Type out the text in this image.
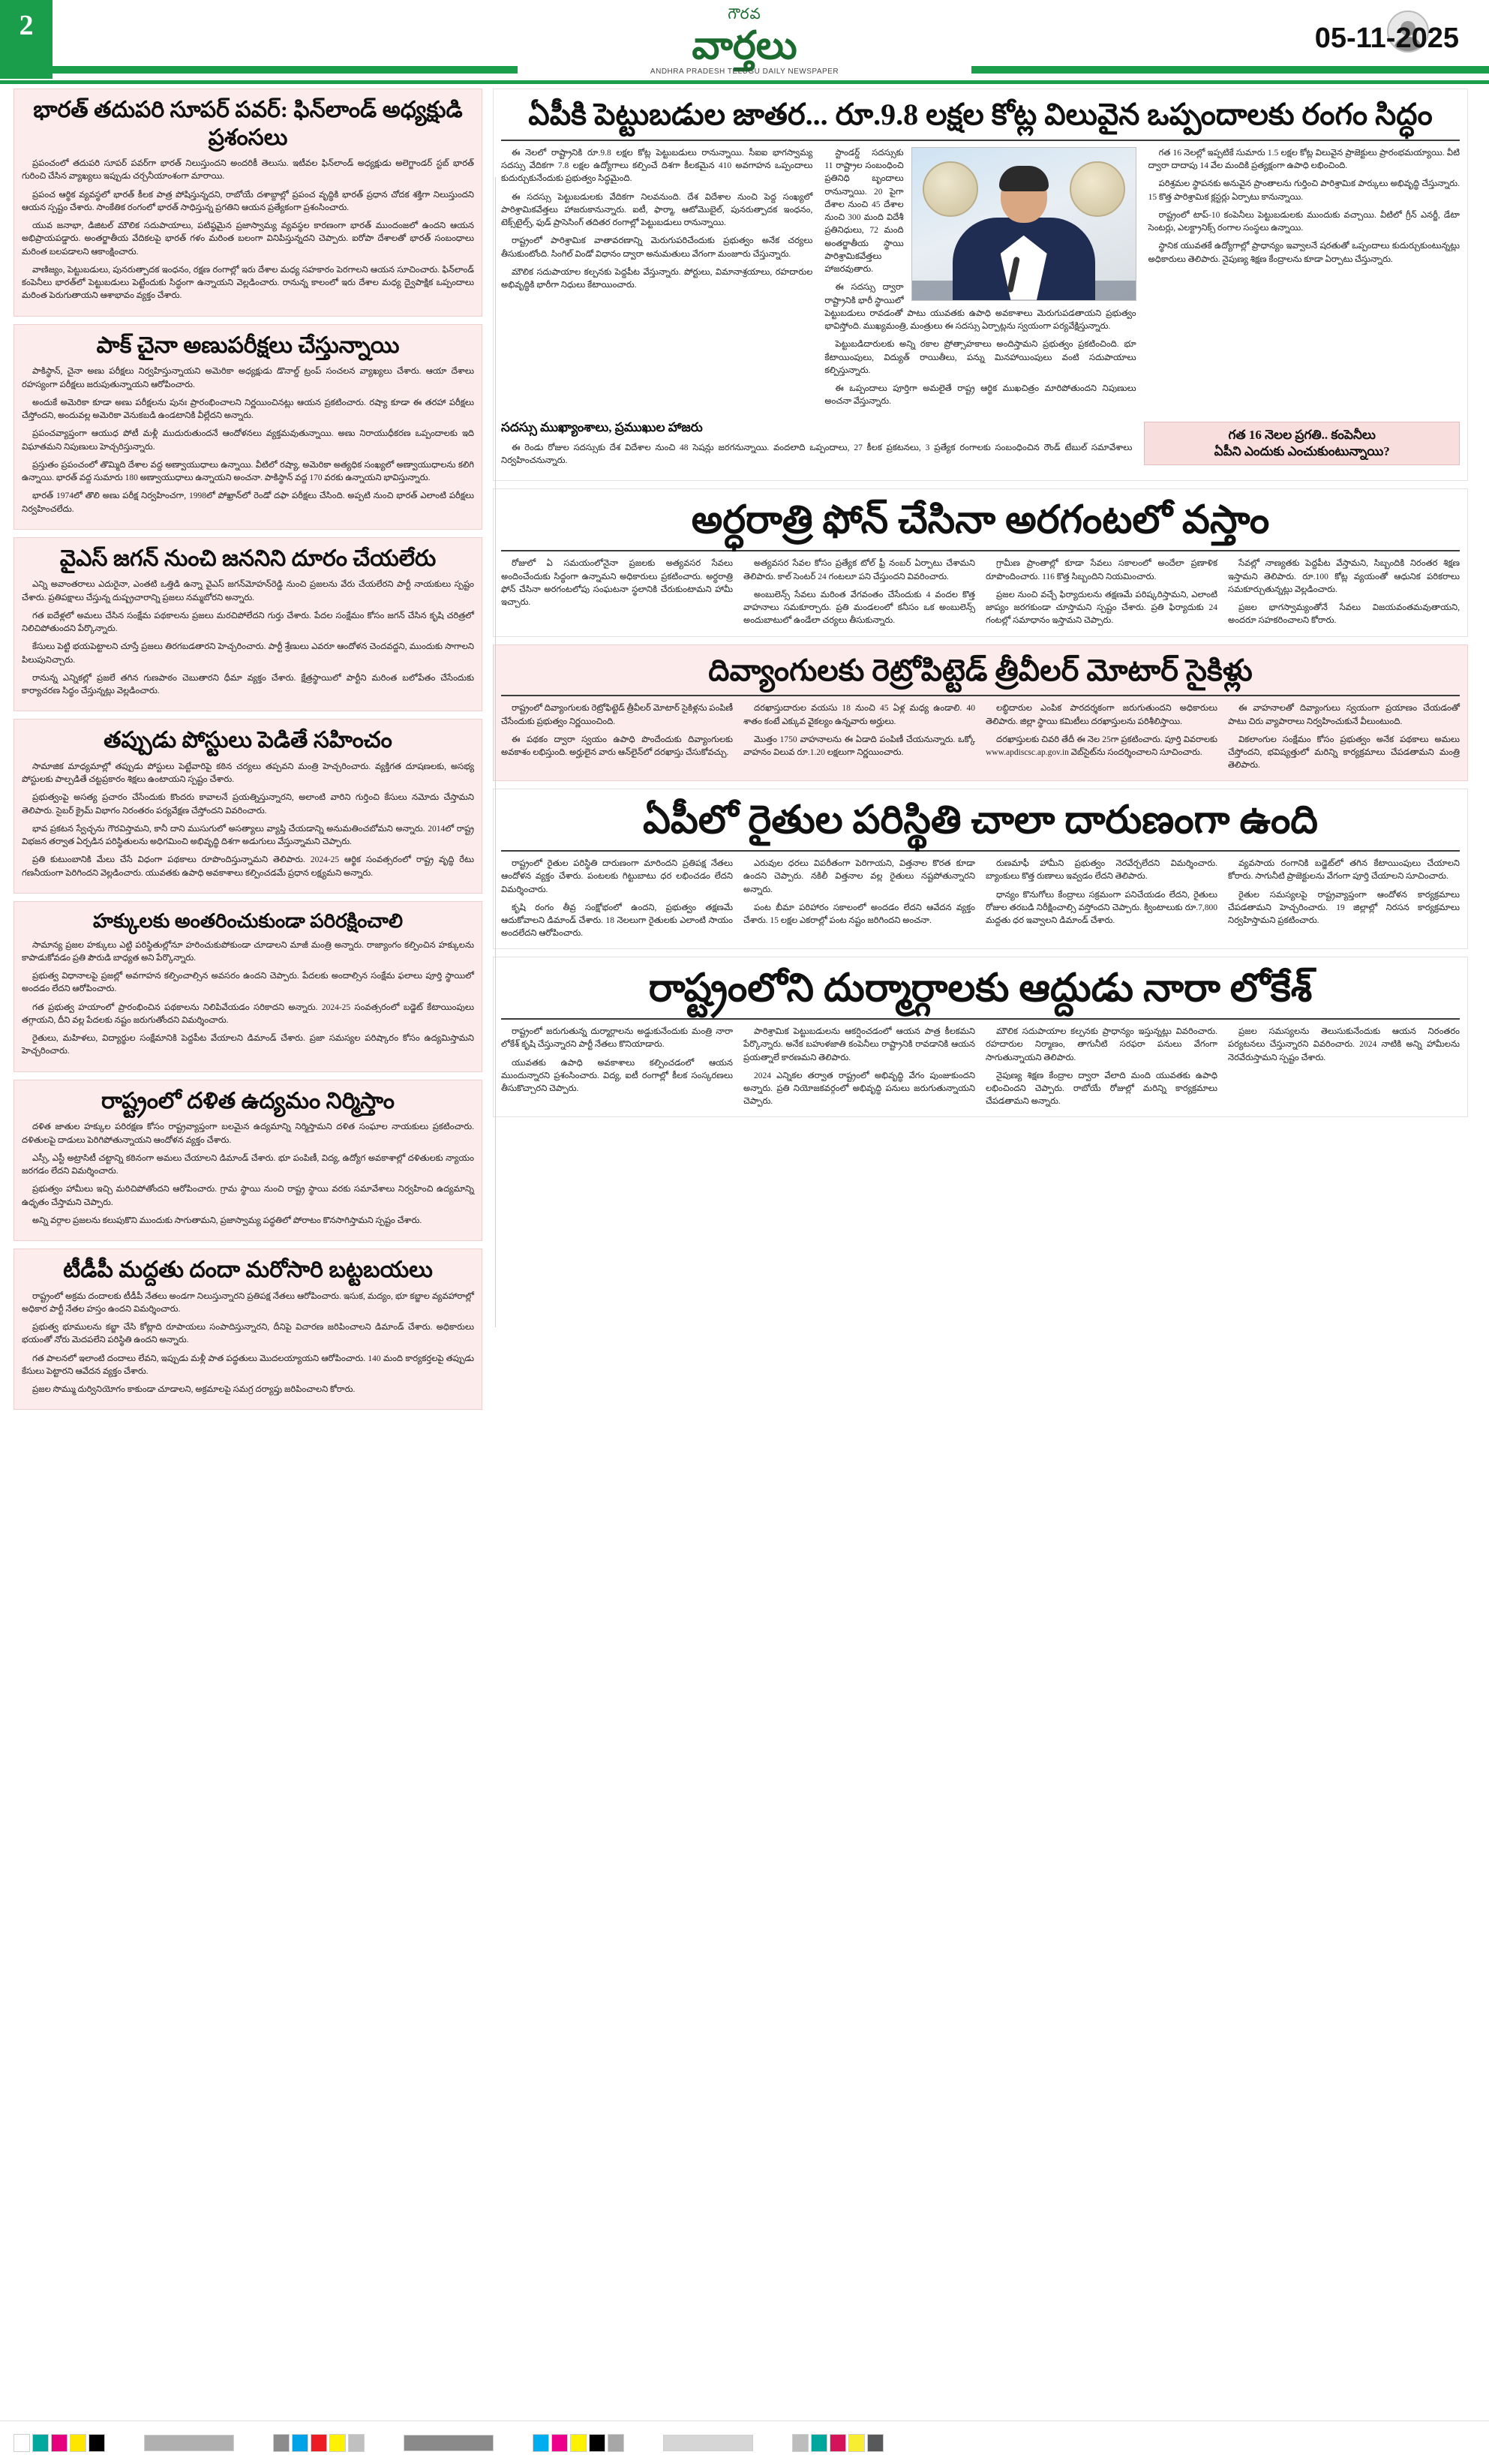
2	గౌరవ
వార్తలు
ANDHRA PRADESH TELUGU DAILY NEWSPAPER
05-11-2025
భారత్‌ తదుపరి సూపర్‌ పవర్‌: ఫిన్‌లాండ్‌ అధ్యక్షుడి ప్రశంసలు

ప్రపంచంలో తదుపరి సూపర్‌ పవర్‌గా భారత్‌ నిలుస్తుందని అందరికీ తెలుసు. ఇటీవల ఫిన్‌లాండ్‌ అధ్యక్షుడు అలెగ్జాండర్‌ స్టబ్‌ భారత్‌ గురించి చేసిన వ్యాఖ్యలు ఇప్పుడు చర్చనీయాంశంగా మారాయి.

ప్రపంచ ఆర్థిక వ్యవస్థలో భారత్‌ కీలక పాత్ర పోషిస్తున్నదని, రాబోయే దశాబ్దాల్లో ప్రపంచ వృద్ధికి భారత్‌ ప్రధాన చోదక శక్తిగా నిలుస్తుందని ఆయన స్పష్టం చేశారు. సాంకేతిక రంగంలో భారత్‌ సాధిస్తున్న ప్రగతిని ఆయన ప్రత్యేకంగా ప్రశంసించారు.

యువ జనాభా, డిజిటల్‌ మౌలిక సదుపాయాలు, పటిష్ఠమైన ప్రజాస్వామ్య వ్యవస్థల కారణంగా భారత్‌ ముందంజలో ఉందని ఆయన అభిప్రాయపడ్డారు. అంతర్జాతీయ వేదికలపై భారత్‌ గళం మరింత బలంగా వినిపిస్తున్నదని చెప్పారు. ఐరోపా దేశాలతో భారత్‌ సంబంధాలు మరింత బలపడాలని ఆకాంక్షించారు.

వాణిజ్యం, పెట్టుబడులు, పునరుత్పాదక ఇంధనం, రక్షణ రంగాల్లో ఇరు దేశాల మధ్య సహకారం పెరగాలని ఆయన సూచించారు. ఫిన్‌లాండ్‌ కంపెనీలు భారత్‌లో పెట్టుబడులు పెట్టేందుకు సిద్ధంగా ఉన్నాయని వెల్లడించారు. రానున్న కాలంలో ఇరు దేశాల మధ్య ద్వైపాక్షిక ఒప్పందాలు మరింత పెరుగుతాయని ఆశాభావం వ్యక్తం చేశారు.

పాక్‌ చైనా అణుపరీక్షలు చేస్తున్నాయి

పాకిస్థాన్‌, చైనా అణు పరీక్షలు నిర్వహిస్తున్నాయని అమెరికా అధ్యక్షుడు డొనాల్డ్‌ ట్రంప్‌ సంచలన వ్యాఖ్యలు చేశారు. ఆయా దేశాలు రహస్యంగా పరీక్షలు జరుపుతున్నాయని ఆరోపించారు.

అందుకే అమెరికా కూడా అణు పరీక్షలను పునః ప్రారంభించాలని నిర్ణయించినట్లు ఆయన ప్రకటించారు. రష్యా కూడా ఈ తరహా పరీక్షలు చేస్తోందని, అందువల్ల అమెరికా వెనుకబడి ఉండటానికి వీల్లేదని అన్నారు.

ప్రపంచవ్యాప్తంగా ఆయుధ పోటీ మళ్లీ ముదురుతుందనే ఆందోళనలు వ్యక్తమవుతున్నాయి. అణు నిరాయుధీకరణ ఒప్పందాలకు ఇది విఘాతమని నిపుణులు హెచ్చరిస్తున్నారు.

ప్రస్తుతం ప్రపంచంలో తొమ్మిది దేశాల వద్ద అణ్వాయుధాలు ఉన్నాయి. వీటిలో రష్యా, అమెరికా అత్యధిక సంఖ్యలో అణ్వాయుధాలను కలిగి ఉన్నాయి. భారత్‌ వద్ద సుమారు 180 అణ్వాయుధాలు ఉన్నాయని అంచనా. పాకిస్థాన్‌ వద్ద 170 వరకు ఉన్నాయని భావిస్తున్నారు.

భారత్‌ 1974లో తొలి అణు పరీక్ష నిర్వహించగా, 1998లో పోఖ్రాన్‌లో రెండో దఫా పరీక్షలు చేసింది. అప్పటి నుంచి భారత్‌ ఎలాంటి పరీక్షలు నిర్వహించలేదు.

వైఎస్‌ జగన్‌ నుంచి జననిని దూరం చేయలేరు

ఎన్ని అవాంతరాలు ఎదురైనా, ఎంతటి ఒత్తిడి ఉన్నా వైఎస్‌ జగన్‌మోహన్‌రెడ్డి నుంచి ప్రజలను వేరు చేయలేరని పార్టీ నాయకులు స్పష్టం చేశారు. ప్రతిపక్షాలు చేస్తున్న దుష్ప్రచారాన్ని ప్రజలు నమ్మబోరని అన్నారు.

గత ఐదేళ్లలో అమలు చేసిన సంక్షేమ పథకాలను ప్రజలు మరచిపోలేదని గుర్తు చేశారు. పేదల సంక్షేమం కోసం జగన్‌ చేసిన కృషి చరిత్రలో నిలిచిపోతుందని పేర్కొన్నారు.

కేసులు పెట్టి భయపెట్టాలని చూస్తే ప్రజలు తిరగబడతారని హెచ్చరించారు. పార్టీ శ్రేణులు ఎవరూ ఆందోళన చెందవద్దని, ముందుకు సాగాలని పిలుపునిచ్చారు.

రానున్న ఎన్నికల్లో ప్రజలే తగిన గుణపాఠం చెబుతారని ధీమా వ్యక్తం చేశారు. క్షేత్రస్థాయిలో పార్టీని మరింత బలోపేతం చేసేందుకు కార్యాచరణ సిద్ధం చేస్తున్నట్లు వెల్లడించారు.

తప్పుడు పోస్టులు పెడితే సహించం

సామాజిక మాధ్యమాల్లో తప్పుడు పోస్టులు పెట్టేవారిపై కఠిన చర్యలు తప్పవని మంత్రి హెచ్చరించారు. వ్యక్తిగత దూషణలకు, అసభ్య పోస్టులకు పాల్పడితే చట్టప్రకారం శిక్షలు ఉంటాయని స్పష్టం చేశారు.

ప్రభుత్వంపై అసత్య ప్రచారం చేసేందుకు కొందరు కావాలనే ప్రయత్నిస్తున్నారని, అలాంటి వారిని గుర్తించి కేసులు నమోదు చేస్తామని తెలిపారు. సైబర్‌ క్రైమ్‌ విభాగం నిరంతరం పర్యవేక్షణ చేస్తోందని వివరించారు.

భావ ప్రకటన స్వేచ్ఛను గౌరవిస్తామని, కానీ దాని ముసుగులో అసత్యాలు వ్యాప్తి చేయడాన్ని అనుమతించబోమని అన్నారు. 2014లో రాష్ట్ర విభజన తర్వాత ఏర్పడిన పరిస్థితులను అధిగమించి అభివృద్ధి దిశగా అడుగులు వేస్తున్నామని చెప్పారు.

ప్రతి కుటుంబానికి మేలు చేసే విధంగా పథకాలు రూపొందిస్తున్నామని తెలిపారు. 2024-25 ఆర్థిక సంవత్సరంలో రాష్ట్ర వృద్ధి రేటు గణనీయంగా పెరిగిందని వెల్లడించారు. యువతకు ఉపాధి అవకాశాలు కల్పించడమే ప్రధాన లక్ష్యమని అన్నారు.

హక్కులకు అంతరించుకుండా పరిరక్షించాలి

సామాన్య ప్రజల హక్కులు ఎట్టి పరిస్థితుల్లోనూ హరించుకుపోకుండా చూడాలని మాజీ మంత్రి అన్నారు. రాజ్యాంగం కల్పించిన హక్కులను కాపాడుకోవడం ప్రతి పౌరుడి బాధ్యత అని పేర్కొన్నారు.

ప్రభుత్వ విధానాలపై ప్రజల్లో అవగాహన కల్పించాల్సిన అవసరం ఉందని చెప్పారు. పేదలకు అందాల్సిన సంక్షేమ ఫలాలు పూర్తి స్థాయిలో అందడం లేదని ఆరోపించారు.

గత ప్రభుత్వ హయాంలో ప్రారంభించిన పథకాలను నిలిపివేయడం సరికాదని అన్నారు. 2024-25 సంవత్సరంలో బడ్జెట్‌ కేటాయింపులు తగ్గాయని, దీని వల్ల పేదలకు నష్టం జరుగుతోందని విమర్శించారు.

రైతులు, మహిళలు, విద్యార్థుల సంక్షేమానికి పెద్దపీట వేయాలని డిమాండ్‌ చేశారు. ప్రజా సమస్యల పరిష్కారం కోసం ఉద్యమిస్తామని హెచ్చరించారు.

రాష్ట్రంలో దళిత ఉద్యమం నిర్మిస్తాం

దళిత జాతుల హక్కుల పరిరక్షణ కోసం రాష్ట్రవ్యాప్తంగా బలమైన ఉద్యమాన్ని నిర్మిస్తామని దళిత సంఘాల నాయకులు ప్రకటించారు. దళితులపై దాడులు పెరిగిపోతున్నాయని ఆందోళన వ్యక్తం చేశారు.

ఎస్సీ, ఎస్టీ అట్రాసిటీ చట్టాన్ని కఠినంగా అమలు చేయాలని డిమాండ్‌ చేశారు. భూ పంపిణీ, విద్య, ఉద్యోగ అవకాశాల్లో దళితులకు న్యాయం జరగడం లేదని విమర్శించారు.

ప్రభుత్వం హామీలు ఇచ్చి మరిచిపోతోందని ఆరోపించారు. గ్రామ స్థాయి నుంచి రాష్ట్ర స్థాయి వరకు సమావేశాలు నిర్వహించి ఉద్యమాన్ని ఉధృతం చేస్తామని చెప్పారు.

అన్ని వర్గాల ప్రజలను కలుపుకొని ముందుకు సాగుతామని, ప్రజాస్వామ్య పద్ధతిలో పోరాటం కొనసాగిస్తామని స్పష్టం చేశారు.

టీడీపీ మద్దతు దందా మరోసారి బట్టబయలు

రాష్ట్రంలో అక్రమ దందాలకు టీడీపీ నేతలు అండగా నిలుస్తున్నారని ప్రతిపక్ష నేతలు ఆరోపించారు. ఇసుక, మద్యం, భూ కబ్జాల వ్యవహారాల్లో అధికార పార్టీ నేతల హస్తం ఉందని విమర్శించారు.

ప్రభుత్వ భూములను కబ్జా చేసి కోట్లాది రూపాయలు సంపాదిస్తున్నారని, దీనిపై విచారణ జరిపించాలని డిమాండ్‌ చేశారు. అధికారులు భయంతో నోరు మెదపలేని పరిస్థితి ఉందని అన్నారు.

గత పాలనలో ఇలాంటి దందాలు లేవని, ఇప్పుడు మళ్లీ పాత పద్ధతులు మొదలయ్యాయని ఆరోపించారు. 140 మంది కార్యకర్తలపై తప్పుడు కేసులు పెట్టారని ఆవేదన వ్యక్తం చేశారు.

ప్రజల సొమ్ము దుర్వినియోగం కాకుండా చూడాలని, అక్రమాలపై సమగ్ర దర్యాప్తు జరిపించాలని కోరారు.

ఏపీకి పెట్టుబడుల జాతర... రూ.9.8 లక్షల కోట్ల విలువైన ఒప్పందాలకు రంగం సిద్ధం

ఈ నెలలో రాష్ట్రానికి రూ.9.8 లక్షల కోట్ల పెట్టుబడులు రానున్నాయి. సీఐఐ భాగస్వామ్య సదస్సు వేదికగా 7.8 లక్షల ఉద్యోగాలు కల్పించే దిశగా కీలకమైన 410 అవగాహన ఒప్పందాలు కుదుర్చుకునేందుకు ప్రభుత్వం సిద్ధమైంది.

ఈ సదస్సు పెట్టుబడులకు వేదికగా నిలవనుంది. దేశ విదేశాల నుంచి పెద్ద సంఖ్యలో పారిశ్రామికవేత్తలు హాజరుకానున్నారు. ఐటీ, ఫార్మా, ఆటోమొబైల్‌, పునరుత్పాదక ఇంధనం, టెక్స్‌టైల్స్‌, ఫుడ్‌ ప్రాసెసింగ్‌ తదితర రంగాల్లో పెట్టుబడులు రానున్నాయి.

రాష్ట్రంలో పారిశ్రామిక వాతావరణాన్ని మెరుగుపరిచేందుకు ప్రభుత్వం అనేక చర్యలు తీసుకుంటోంది. సింగిల్‌ విండో విధానం ద్వారా అనుమతులు వేగంగా మంజూరు చేస్తున్నారు.

మౌలిక సదుపాయాల కల్పనకు పెద్దపీట వేస్తున్నారు. పోర్టులు, విమానాశ్రయాలు, రహదారుల అభివృద్ధికి భారీగా నిధులు కేటాయించారు.

స్టాండర్డ్‌ సదస్సుకు 11 రాష్ట్రాల సంబంధించి ప్రతినిధి బృందాలు రానున్నాయి. 20 పైగా దేశాల నుంచి 45 దేశాల నుంచి 300 మంది విదేశీ ప్రతినిధులు, 72 మంది అంతర్జాతీయ స్థాయి పారిశ్రామికవేత్తలు హాజరవుతారు.

ఈ సదస్సు ద్వారా రాష్ట్రానికి భారీ స్థాయిలో పెట్టుబడులు రావడంతో పాటు యువతకు ఉపాధి అవకాశాలు మెరుగుపడతాయని ప్రభుత్వం భావిస్తోంది. ముఖ్యమంత్రి, మంత్రులు ఈ సదస్సు ఏర్పాట్లను స్వయంగా పర్యవేక్షిస్తున్నారు.

పెట్టుబడిదారులకు అన్ని రకాల ప్రోత్సాహకాలు అందిస్తామని ప్రభుత్వం ప్రకటించింది. భూ కేటాయింపులు, విద్యుత్‌ రాయితీలు, పన్ను మినహాయింపులు వంటి సదుపాయాలు కల్పిస్తున్నారు.

ఈ ఒప్పందాలు పూర్తిగా అమలైతే రాష్ట్ర ఆర్థిక ముఖచిత్రం మారిపోతుందని నిపుణులు అంచనా వేస్తున్నారు.

గత 16 నెలల్లో ఇప్పటికే సుమారు 1.5 లక్షల కోట్ల విలువైన ప్రాజెక్టులు ప్రారంభమయ్యాయి. వీటి ద్వారా దాదాపు 14 వేల మందికి ప్రత్యక్షంగా ఉపాధి లభించింది.

పరిశ్రమల స్థాపనకు అనువైన ప్రాంతాలను గుర్తించి పారిశ్రామిక పార్కులు అభివృద్ధి చేస్తున్నారు. 15 కొత్త పారిశ్రామిక క్లస్టర్లు ఏర్పాటు కానున్నాయి.

రాష్ట్రంలో టాప్‌-10 కంపెనీలు పెట్టుబడులకు ముందుకు వచ్చాయి. వీటిలో గ్రీన్‌ ఎనర్జీ, డేటా సెంటర్లు, ఎలక్ట్రానిక్స్‌ రంగాల సంస్థలు ఉన్నాయి.

స్థానిక యువతకే ఉద్యోగాల్లో ప్రాధాన్యం ఇవ్వాలనే షరతుతో ఒప్పందాలు కుదుర్చుకుంటున్నట్లు అధికారులు తెలిపారు. నైపుణ్య శిక్షణ కేంద్రాలను కూడా ఏర్పాటు చేస్తున్నారు.

సదస్సు ముఖ్యాంశాలు, ప్రముఖుల హాజరు

ఈ రెండు రోజుల సదస్సుకు దేశ విదేశాల నుంచి 48 సెషన్లు జరగనున్నాయి. వందలాది ఒప్పందాలు, 27 కీలక ప్రకటనలు, 3 ప్రత్యేక రంగాలకు సంబంధించిన రౌండ్‌ టేబుల్‌ సమావేశాలు నిర్వహించనున్నారు.

గత 16 నెలల ప్రగతి.. కంపెనీలు
ఏపీని ఎందుకు ఎంచుకుంటున్నాయి?
అర్ధరాత్రి ఫోన్‌ చేసినా అరగంటలో వస్తాం

రోజులో ఏ సమయంలోనైనా ప్రజలకు అత్యవసర సేవలు అందించేందుకు సిద్ధంగా ఉన్నామని అధికారులు ప్రకటించారు. అర్ధరాత్రి ఫోన్‌ చేసినా అరగంటలోపు సంఘటనా స్థలానికి చేరుకుంటామని హామీ ఇచ్చారు.

అత్యవసర సేవల కోసం ప్రత్యేక టోల్‌ ఫ్రీ నంబర్‌ ఏర్పాటు చేశామని తెలిపారు. కాల్‌ సెంటర్‌ 24 గంటలూ పని చేస్తుందని వివరించారు.

అంబులెన్స్‌ సేవలు మరింత వేగవంతం చేసేందుకు 4 వందల కొత్త వాహనాలు సమకూర్చారు. ప్రతి మండలంలో కనీసం ఒక అంబులెన్స్‌ అందుబాటులో ఉండేలా చర్యలు తీసుకున్నారు.

గ్రామీణ ప్రాంతాల్లో కూడా సేవలు సకాలంలో అందేలా ప్రణాళిక రూపొందించారు. 116 కొత్త సిబ్బందిని నియమించారు.

ప్రజల నుంచి వచ్చే ఫిర్యాదులను తక్షణమే పరిష్కరిస్తామని, ఎలాంటి జాప్యం జరగకుండా చూస్తామని స్పష్టం చేశారు. ప్రతి ఫిర్యాదుకు 24 గంటల్లో సమాధానం ఇస్తామని చెప్పారు.

సేవల్లో నాణ్యతకు పెద్దపీట వేస్తామని, సిబ్బందికి నిరంతర శిక్షణ ఇస్తామని తెలిపారు. రూ.100 కోట్ల వ్యయంతో ఆధునిక పరికరాలు సమకూర్చుతున్నట్లు వెల్లడించారు.

ప్రజల భాగస్వామ్యంతోనే సేవలు విజయవంతమవుతాయని, అందరూ సహకరించాలని కోరారు.

దివ్యాంగులకు రెట్రోపిట్టెడ్‌ త్రీవీలర్‌ మోటార్‌ సైకిళ్లు

రాష్ట్రంలో దివ్యాంగులకు రెట్రోఫిట్టెడ్‌ త్రీవీలర్‌ మోటార్‌ సైకిళ్లను పంపిణీ చేసేందుకు ప్రభుత్వం నిర్ణయించింది.

ఈ పథకం ద్వారా స్వయం ఉపాధి పొందేందుకు దివ్యాంగులకు అవకాశం లభిస్తుంది. అర్హులైన వారు ఆన్‌లైన్‌లో దరఖాస్తు చేసుకోవచ్చు.

దరఖాస్తుదారుల వయసు 18 నుంచి 45 ఏళ్ల మధ్య ఉండాలి. 40 శాతం కంటే ఎక్కువ వైకల్యం ఉన్నవారు అర్హులు.

మొత్తం 1750 వాహనాలను ఈ ఏడాది పంపిణీ చేయనున్నారు. ఒక్కో వాహనం విలువ రూ.1.20 లక్షలుగా నిర్ణయించారు.

లబ్ధిదారుల ఎంపిక పారదర్శకంగా జరుగుతుందని అధికారులు తెలిపారు. జిల్లా స్థాయి కమిటీలు దరఖాస్తులను పరిశీలిస్తాయి.

దరఖాస్తులకు చివరి తేదీ ఈ నెల 25గా ప్రకటించారు. పూర్తి వివరాలకు www.apdiscsc.ap.gov.in వెబ్‌సైట్‌ను సందర్శించాలని సూచించారు.

ఈ వాహనాలతో దివ్యాంగులు స్వయంగా ప్రయాణం చేయడంతో పాటు చిరు వ్యాపారాలు నిర్వహించుకునే వీలుంటుంది.

వికలాంగుల సంక్షేమం కోసం ప్రభుత్వం అనేక పథకాలు అమలు చేస్తోందని, భవిష్యత్తులో మరిన్ని కార్యక్రమాలు చేపడతామని మంత్రి తెలిపారు.

ఏపీలో రైతుల పరిస్థితి చాలా దారుణంగా ఉంది

రాష్ట్రంలో రైతుల పరిస్థితి దారుణంగా మారిందని ప్రతిపక్ష నేతలు ఆందోళన వ్యక్తం చేశారు. పంటలకు గిట్టుబాటు ధర లభించడం లేదని విమర్శించారు.

కృషి రంగం తీవ్ర సంక్షోభంలో ఉందని, ప్రభుత్వం తక్షణమే ఆదుకోవాలని డిమాండ్‌ చేశారు. 18 నెలలుగా రైతులకు ఎలాంటి సాయం అందలేదని ఆరోపించారు.

ఎరువుల ధరలు విపరీతంగా పెరిగాయని, విత్తనాల కొరత కూడా ఉందని చెప్పారు. నకిలీ విత్తనాల వల్ల రైతులు నష్టపోతున్నారని అన్నారు.

పంట బీమా పరిహారం సకాలంలో అందడం లేదని ఆవేదన వ్యక్తం చేశారు. 15 లక్షల ఎకరాల్లో పంట నష్టం జరిగిందని అంచనా.

రుణమాఫీ హామీని ప్రభుత్వం నెరవేర్చలేదని విమర్శించారు. బ్యాంకులు కొత్త రుణాలు ఇవ్వడం లేదని తెలిపారు.

ధాన్యం కొనుగోలు కేంద్రాలు సక్రమంగా పనిచేయడం లేదని, రైతులు రోజుల తరబడి నిరీక్షించాల్సి వస్తోందని చెప్పారు. క్వింటాలుకు రూ.7,800 మద్దతు ధర ఇవ్వాలని డిమాండ్‌ చేశారు.

వ్యవసాయ రంగానికి బడ్జెట్‌లో తగిన కేటాయింపులు చేయాలని కోరారు. సాగునీటి ప్రాజెక్టులను వేగంగా పూర్తి చేయాలని సూచించారు.

రైతుల సమస్యలపై రాష్ట్రవ్యాప్తంగా ఆందోళన కార్యక్రమాలు చేపడతామని హెచ్చరించారు. 19 జిల్లాల్లో నిరసన కార్యక్రమాలు నిర్వహిస్తామని ప్రకటించారు.

రాష్ట్రంలోని దుర్మార్గాలకు ఆద్దుడు నారా లోకేశ్‌

రాష్ట్రంలో జరుగుతున్న దుర్మార్గాలను అడ్డుకునేందుకు మంత్రి నారా లోకేశ్‌ కృషి చేస్తున్నారని పార్టీ నేతలు కొనియాడారు.

యువతకు ఉపాధి అవకాశాలు కల్పించడంలో ఆయన ముందున్నారని ప్రశంసించారు. విద్య, ఐటీ రంగాల్లో కీలక సంస్కరణలు తీసుకొచ్చారని చెప్పారు.

పారిశ్రామిక పెట్టుబడులను ఆకర్షించడంలో ఆయన పాత్ర కీలకమని పేర్కొన్నారు. అనేక బహుళజాతి కంపెనీలు రాష్ట్రానికి రావడానికి ఆయన ప్రయత్నాలే కారణమని తెలిపారు.

2024 ఎన్నికల తర్వాత రాష్ట్రంలో అభివృద్ధి వేగం పుంజుకుందని అన్నారు. ప్రతి నియోజకవర్గంలో అభివృద్ధి పనులు జరుగుతున్నాయని చెప్పారు.

మౌలిక సదుపాయాల కల్పనకు ప్రాధాన్యం ఇస్తున్నట్లు వివరించారు. రహదారుల నిర్మాణం, తాగునీటి సరఫరా పనులు వేగంగా సాగుతున్నాయని తెలిపారు.

నైపుణ్య శిక్షణ కేంద్రాల ద్వారా వేలాది మంది యువతకు ఉపాధి లభించిందని చెప్పారు. రాబోయే రోజుల్లో మరిన్ని కార్యక్రమాలు చేపడతామని అన్నారు.

ప్రజల సమస్యలను తెలుసుకునేందుకు ఆయన నిరంతరం పర్యటనలు చేస్తున్నారని వివరించారు. 2024 నాటికి అన్ని హామీలను నెరవేరుస్తామని స్పష్టం చేశారు.
